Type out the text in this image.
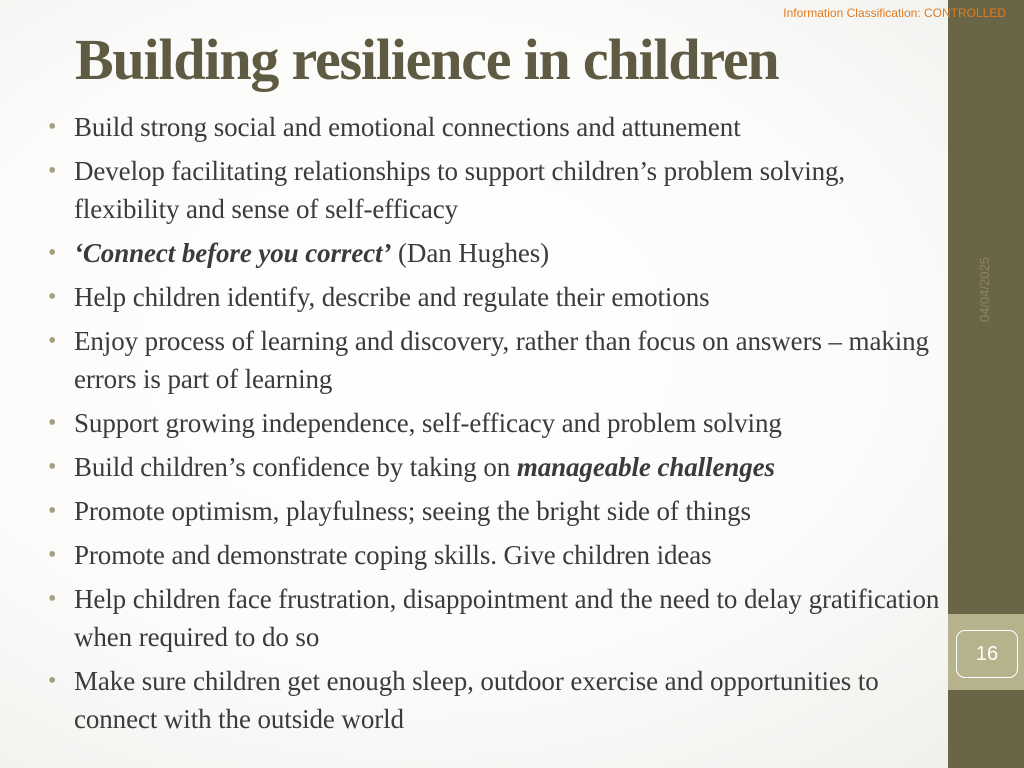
16
04/04/2025
Information Classification: CONTROLLED
Building resilience in children
• Build strong social and emotional connections and attunement
• Develop facilitating relationships to support children’s problem solving, flexibility and sense of self-efficacy
• ‘Connect before you correct’ (Dan Hughes)
• Help children identify, describe and regulate their emotions
• Enjoy process of learning and discovery, rather than focus on answers – making errors is part of learning
• Support growing independence, self-efficacy and problem solving
• Build children’s confidence by taking on manageable challenges
• Promote optimism, playfulness; seeing the bright side of things
• Promote and demonstrate coping skills. Give children ideas
• Help children face frustration, disappointment and the need to delay gratification when required to do so
• Make sure children get enough sleep, outdoor exercise and opportunities to connect with the outside world
